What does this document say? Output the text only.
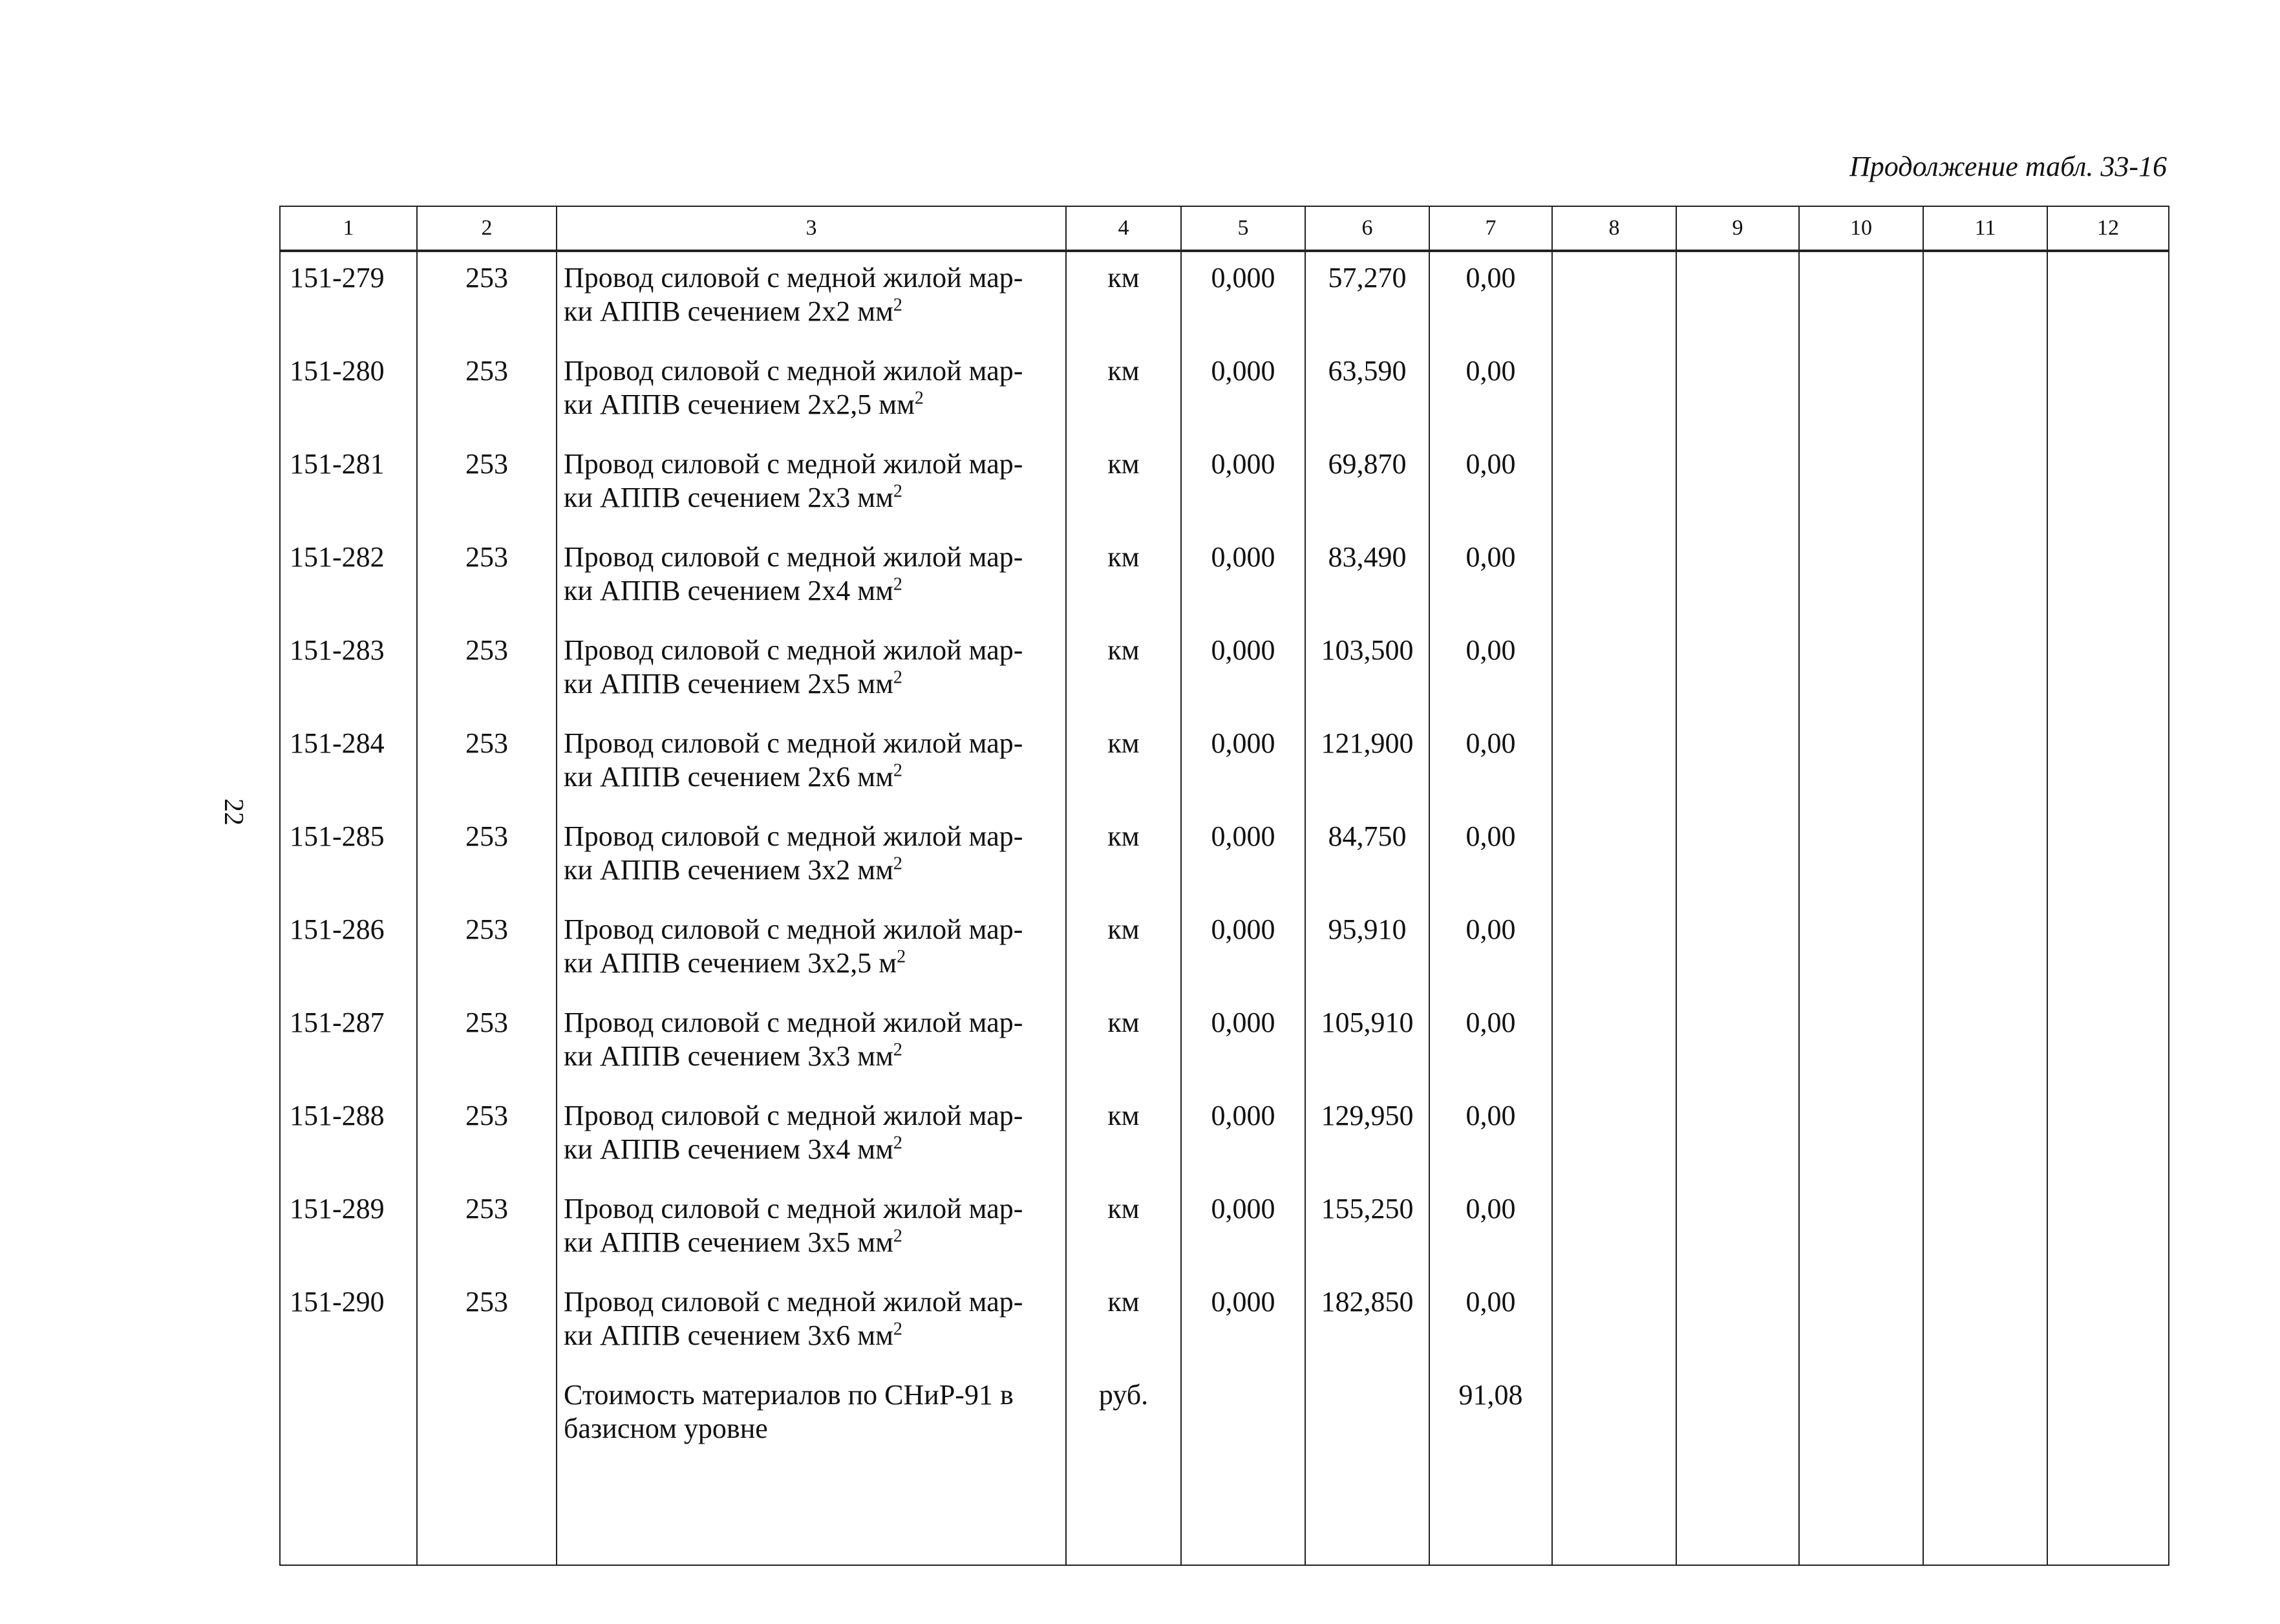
Продолжение табл. 33-16
22
1	2	3	4	5	6	7	8	9	10	11	12
151-279	253	Провод силовой с медной жилой мар-
ки АППВ сечением 2х2 $мм^2$	км	0,000	57,270	0,00					
151-280	253	Провод силовой с медной жилой мар-
ки АППВ сечением 2х2,5 $мм^2$	км	0,000	63,590	0,00					
151-281	253	Провод силовой с медной жилой мар-
ки АППВ сечением 2х3 $мм^2$	км	0,000	69,870	0,00					
151-282	253	Провод силовой с медной жилой мар-
ки АППВ сечением 2х4 $мм^2$	км	0,000	83,490	0,00					
151-283	253	Провод силовой с медной жилой мар-
ки АППВ сечением 2х5 $мм^2$	км	0,000	103,500	0,00					
151-284	253	Провод силовой с медной жилой мар-
ки АППВ сечением 2х6 $мм^2$	км	0,000	121,900	0,00					
151-285	253	Провод силовой с медной жилой мар-
ки АППВ сечением 3х2 $мм^2$	км	0,000	84,750	0,00					
151-286	253	Провод силовой с медной жилой мар-
ки АППВ сечением 3х2,5 $м^2$	км	0,000	95,910	0,00					
151-287	253	Провод силовой с медной жилой мар-
ки АППВ сечением 3х3 $мм^2$	км	0,000	105,910	0,00					
151-288	253	Провод силовой с медной жилой мар-
ки АППВ сечением 3х4 $мм^2$	км	0,000	129,950	0,00					
151-289	253	Провод силовой с медной жилой мар-
ки АППВ сечением 3х5 $мм^2$	км	0,000	155,250	0,00					
151-290	253	Провод силовой с медной жилой мар-
ки АППВ сечением 3х6 $мм^2$	км	0,000	182,850	0,00					
		Стоимость материалов по СНиР-91 в
базисном уровне	руб.			91,08					
